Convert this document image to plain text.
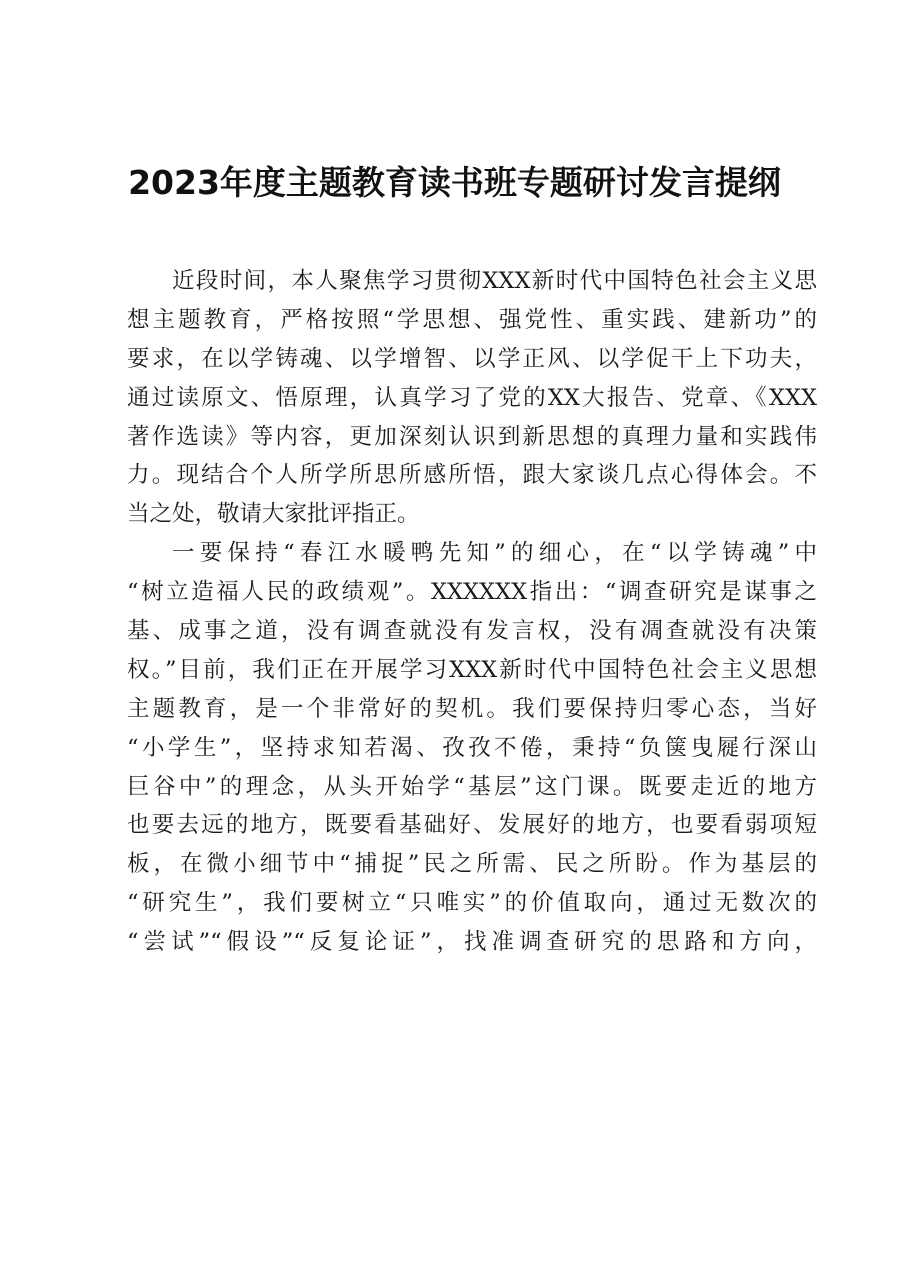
2023年度主题教育读书班专题研讨发言提纲
近段时间，本人聚焦学习贯彻XXX新时代中国特色社会主义思
想主题教育，严格按照“学思想、强党性、重实践、建新功”的
要求，在以学铸魂、以学增智、以学正风、以学促干上下功夫，
通过读原文、悟原理，认真学习了党的XX大报告、党章、《XXX
著作选读》等内容，更加深刻认识到新思想的真理力量和实践伟
力。现结合个人所学所思所感所悟，跟大家谈几点心得体会。不
当之处，敬请大家批评指正。
一要保持“春江水暖鸭先知”的细心，在“以学铸魂”中
“树立造福人民的政绩观”。XXXXXX指出：“调查研究是谋事之
基、成事之道，没有调查就没有发言权，没有凋查就没有决策
权。”目前，我们正在开展学习XXX新时代中国特色社会主义思想
主题教育，是一个非常好的契机。我们要保持归零心态，当好
“小学生”，坚持求知若渴、孜孜不倦，秉持“负箧曳屣行深山
巨谷中”的理念，从头开始学“基层”这门课。既要走近的地方
也要去远的地方，既要看基础好、发展好的地方，也要看弱项短
板，在微小细节中“捕捉”民之所需、民之所盼。作为基层的
“研究生”，我们要树立“只唯实”的价值取向，通过无数次的
“尝试”“假设”“反复论证”，找准调查研究的思路和方向，
